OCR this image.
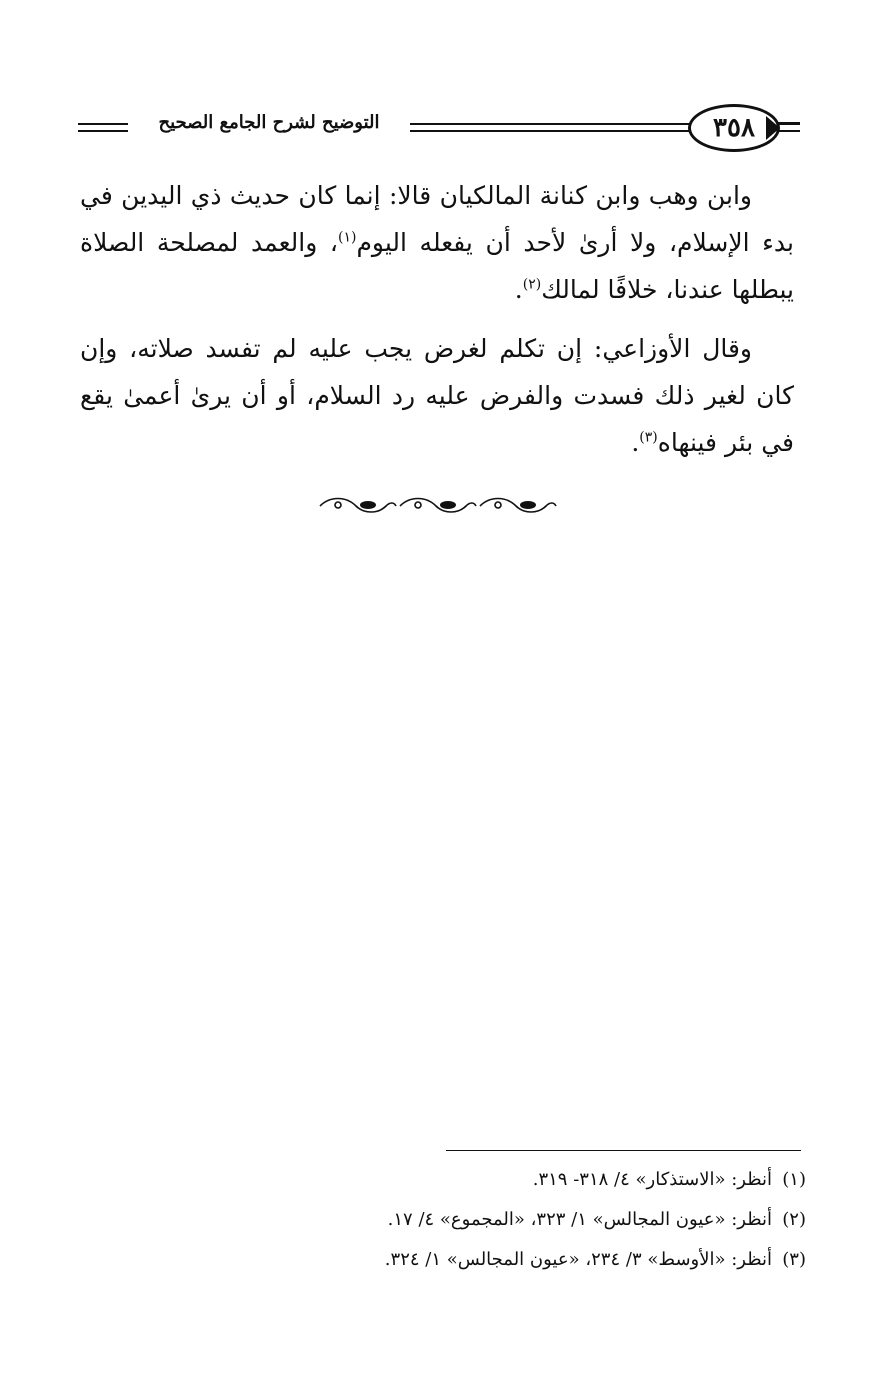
التوضيح لشرح الجامع الصحيح	٣٥٨

وابن وهب وابن كنانة المالكيان قالا: إنما كان حديث ذي اليدين في بدء الإسلام، ولا أرىٰ لأحد أن يفعله اليوم$^{(١)}$، والعمد لمصلحة الصلاة يبطلها عندنا، خلافًا لمالك$^{(٢)}$.

وقال الأوزاعي: إن تكلم لغرض يجب عليه لم تفسد صلاته، وإن كان لغير ذلك فسدت والفرض عليه رد السلام، أو أن يرىٰ أعمىٰ يقع في بئر فينهاه$^{(٣)}$.

(١)أنظر: «الاستذكار» ٤/ ٣١٨- ٣١٩.
(٢)أنظر: «عيون المجالس» ١/ ٣٢٣، «المجموع» ٤/ ١٧.
(٣)أنظر: «الأوسط» ٣/ ٢٣٤، «عيون المجالس» ١/ ٣٢٤.
